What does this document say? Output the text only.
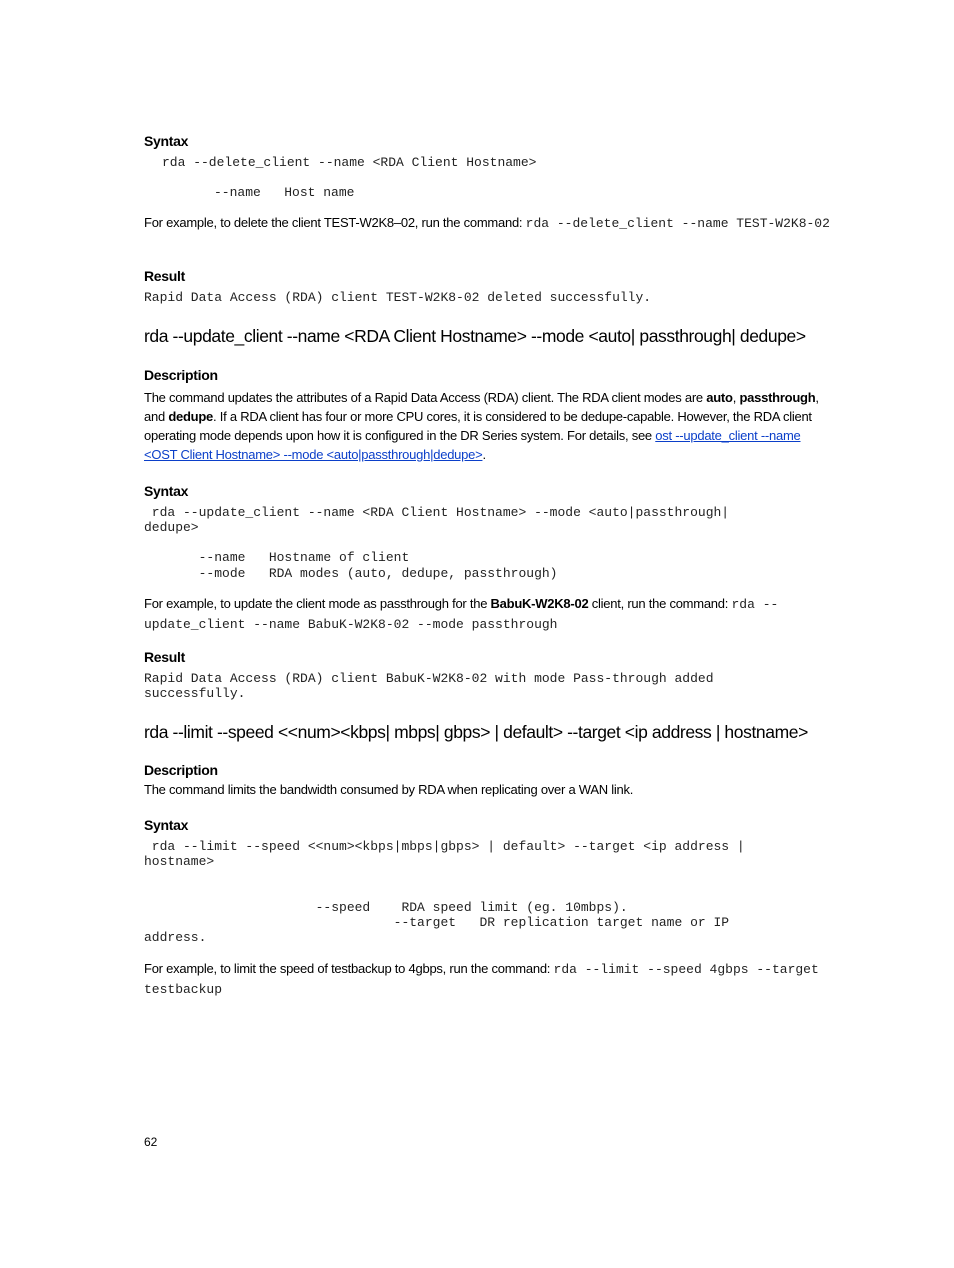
Syntax
rda --delete_client --name <RDA Client Hostname>
--name   Host name
For example, to delete the client TEST-W2K8–02, run the command: rda --delete_client --name TEST-W2K8-02
Result
Rapid Data Access (RDA) client TEST-W2K8-02 deleted successfully.
rda --update_client --name <RDA Client Hostname> --mode <auto| passthrough| dedupe>
Description
The command updates the attributes of a Rapid Data Access (RDA) client. The RDA client modes are auto, passthrough, and dedupe. If a RDA client has four or more CPU cores, it is considered to be dedupe-capable. However, the RDA client operating mode depends upon how it is configured in the DR Series system. For details, see ost --update_client --name <OST Client Hostname> --mode <auto|passthrough|dedupe>.
Syntax
rda --update_client --name <RDA Client Hostname> --mode <auto|passthrough|
dedupe>
--name   Hostname of client
--mode   RDA modes (auto, dedupe, passthrough)
For example, to update the client mode as passthrough for the BabuK-W2K8-02 client, run the command: rda --update_client --name BabuK-W2K8-02 --mode passthrough
Result
Rapid Data Access (RDA) client BabuK-W2K8-02 with mode Pass-through added
successfully.
rda --limit --speed <<num><kbps| mbps| gbps> | default> --target <ip address | hostname>
Description
The command limits the bandwidth consumed by RDA when replicating over a WAN link.
Syntax
rda --limit --speed <<num><kbps|mbps|gbps> | default> --target <ip address |
hostname>
--speed    RDA speed limit (eg. 10mbps).
--target   DR replication target name or IP
address.
For example, to limit the speed of testbackup to 4gbps, run the command: rda --limit --speed 4gbps --target testbackup
62
